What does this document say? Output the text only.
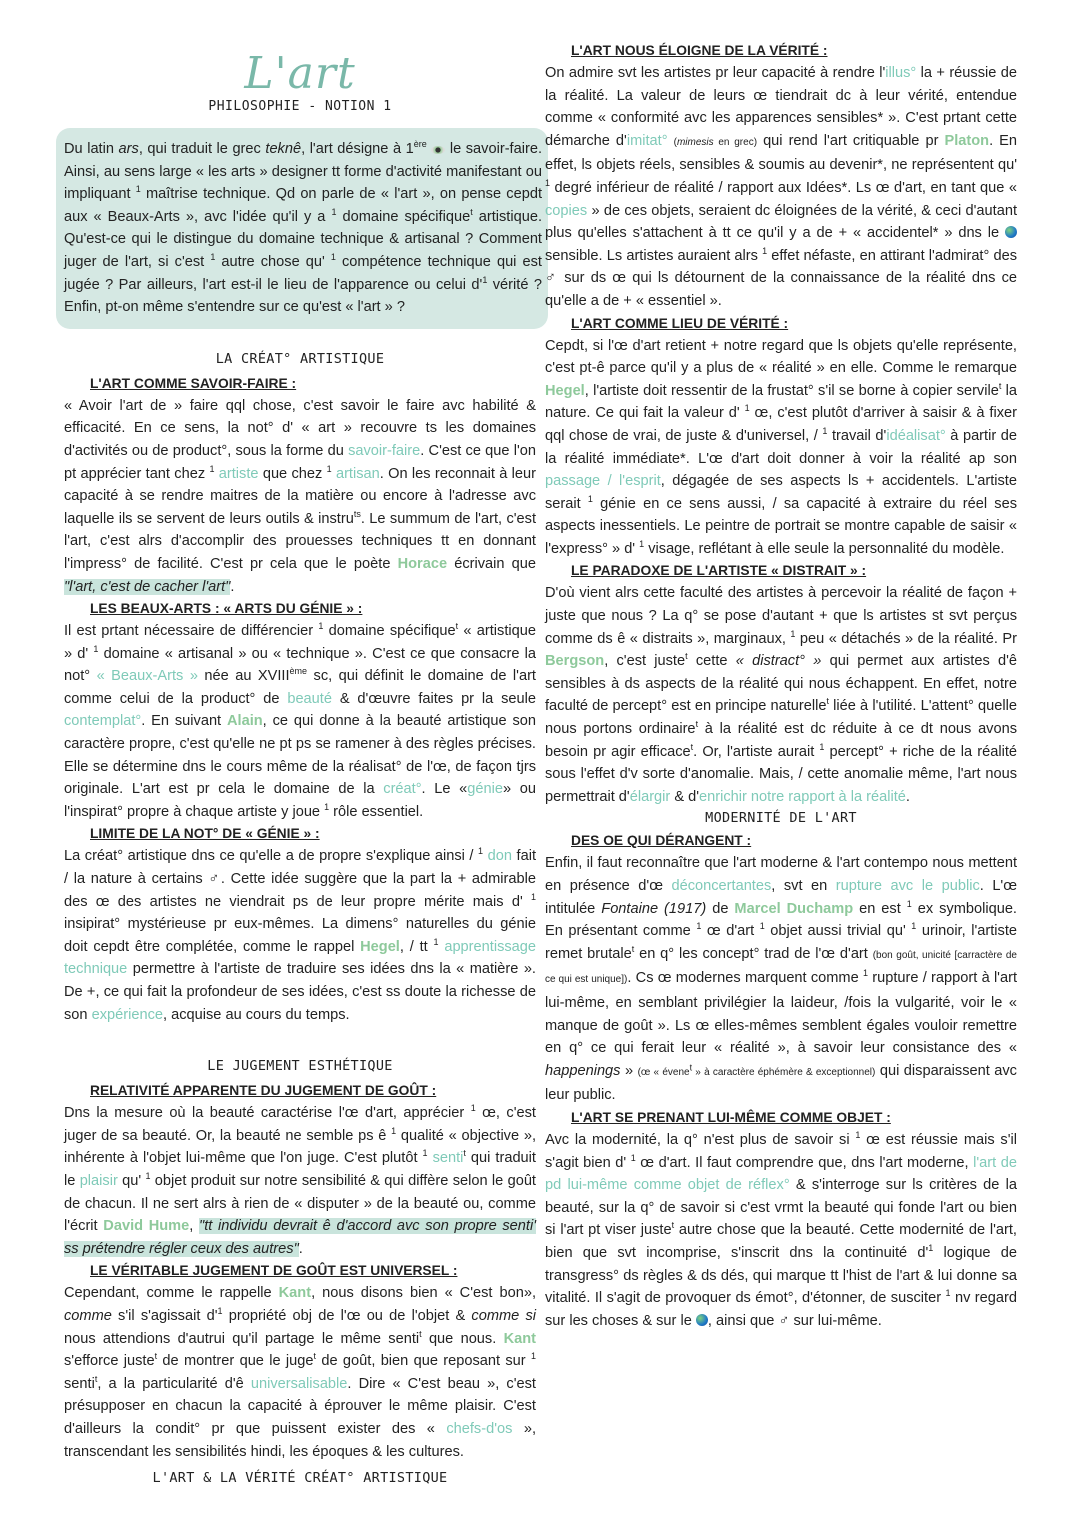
L'art
PHILOSOPHIE - NOTION 1

Du latin ars, qui traduit le grec teknê, l'art désigne à 1ère  le savoir-faire. Ainsi, au sens large « les arts » designer tt forme d'activité manifestant ou impliquant $^1$ maîtrise technique. Qd on parle de « l'art », on pense cepdt aux « Beaux-Arts », avc l'idée qu'il y a $^1$ domaine spécifique$^t$ artistique. Qu'est-ce qui le distingue du domaine technique & artisanal ? Comment juger de l'art, si c'est $^1$ autre chose qu' $^1$ compétence technique qui est jugée ? Par ailleurs, l'art est-il le lieu de l'apparence ou celui $d'^1$ vérité ? Enfin, pt-on même s'entendre sur ce qu'est « l'art » ?

LA CRÉAT° ARTISTIQUE
L'ART COMME SAVOIR-FAIRE :

« Avoir l'art de » faire qql chose, c'est savoir le faire avc habilité & efficacité. En ce sens, la not° d' « art » recouvre ts les domaines d'activités ou de product°, sous la forme du savoir-faire. C'est ce que l'on pt apprécier tant chez $^1$ artiste que chez $^1$ artisan. On les reconnait à leur capacité à se rendre maitres de la matière ou encore à l'adresse avc laquelle ils se servent de leurs outils & instru$^{ts}$. Le summum de l'art, c'est l'art, c'est alrs d'accomplir des prouesses techniques tt en donnant l'impress° de facilité. C'est pr cela que le poète Horace écrivain que "l'art, c'est de cacher l'art".

LES BEAUX-ARTS : « ARTS DU GÉNIE » :

Il est prtant nécessaire de différencier $^1$ domaine spécifique$^t$ « artistique » d' $^1$ domaine « artisanal » ou « technique ». C'est ce que consacre la not° « Beaux-Arts » née au XVIIIème sc, qui définit le domaine de l'art comme celui de la product° de beauté & d'œuvre faites pr la seule contemplat°. En suivant Alain, ce qui donne à la beauté artistique son caractère propre, c'est qu'elle ne pt ps se ramener à des règles précises. Elle se détermine dns le cours même de la réalisat° de l'œ, de façon tjrs originale. L'art est pr cela le domaine de la créat°. Le «génie» ou l'inspirat° propre à chaque artiste y joue $^1$ rôle essentiel.

LIMITE DE LA NOT° DE « GÉNIE » :

La créat° artistique dns ce qu'elle a de propre s'explique ainsi / $^1$ don fait / la nature à certains ♂. Cette idée suggère que la part la + admirable des œ des artistes ne viendrait ps de leur propre mérite mais d' $^1$ insipirat° mystérieuse pr eux-mêmes. La dimens° naturelles du génie doit cepdt être complétée, comme le rappel Hegel, / tt $^1$ apprentissage technique permettre à l'artiste de traduire ses idées dns la « matière ». De +, ce qui fait la profondeur de ses idées, c'est ss doute la richesse de son expérience, acquise au cours du temps.

LE JUGEMENT ESTHÉTIQUE
RELATIVITÉ APPARENTE DU JUGEMENT DE GOÛT :

Dns la mesure où la beauté caractérise l'œ d'art, apprécier $^1$ œ, c'est juger de sa beauté. Or, la beauté ne semble ps ê $^1$ qualité « objective », inhérente à l'objet lui-même que l'on juge. C'est plutôt $^1$ senti$^t$ qui traduit le plaisir qu' $^1$ objet produit sur notre sensibilité & qui diffère selon le goût de chacun. Il ne sert alrs à rien de « disputer » de la beauté ou, comme l'écrit David Hume, "tt individu devrait ê d'accord avc son propre senti' ss prétendre régler ceux des autres".

LE VÉRITABLE JUGEMENT DE GOÛT EST UNIVERSEL :

Cependant, comme le rappelle Kant, nous disons bien « C'est bon», comme s'il s'agissait $d'^1$ propriété obj de l'œ ou de l'objet & comme si nous attendions d'autrui qu'il partage le même senti$^t$ que nous. Kant s'efforce juste$^t$ de montrer que le juge$^t$ de goût, bien que reposant sur $^1$ senti$^t$, a la particularité d'ê universalisable. Dire « C'est beau », c'est présupposer en chacun la capacité à éprouver le même plaisir. C'est d'ailleurs la condit° pr que puissent exister des « chefs-d'os », transcendant les sensibilités hindi, les époques & les cultures.

L'ART & LA VÉRITÉ CRÉAT° ARTISTIQUE
L'ART NOUS ÉLOIGNE DE LA VÉRITÉ :

On admire svt les artistes pr leur capacité à rendre l'illus° la + réussie de la réalité. La valeur de leurs œ tiendrait dc à leur vérité, entendue comme « conformité avc les apparences sensibles* ». C'est prtant cette démarche d'imitat° (mimesis en grec) qui rend l'art critiquable pr Platon. En effet, ls objets réels, sensibles & soumis au devenir*, ne représentent qu' $^1$ degré inférieur de réalité / rapport aux Idées*. Ls œ d'art, en tant que « copies » de ces objets, seraient dc éloignées de la vérité, & ceci d'autant plus qu'elles s'attachent à tt ce qu'il y a de + « accidentel* » dns le  sensible. Ls artistes auraient alrs $^1$ effet néfaste, en attirant l'admirat° des ♂ sur ds œ qui ls détournent de la connaissance de la réalité dns ce qu'elle a de + « essentiel ».

L'ART COMME LIEU DE VÉRITÉ :

Cepdt, si l'œ d'art retient + notre regard que ls objets qu'elle représente, c'est pt-ê parce qu'il y a plus de « réalité » en elle. Comme le remarque Hegel, l'artiste doit ressentir de la frustat° s'il se borne à copier servile$^t$ la nature. Ce qui fait la valeur d' $^1$ œ, c'est plutôt d'arriver à saisir & à fixer qql chose de vrai, de juste & d'universel, / $^1$ travail d'idéalisat° à partir de la réalité immédiate*. L'œ d'art doit donner à voir la réalité ap son passage / l'esprit, dégagée de ses aspects ls + accidentels. L'artiste serait $^1$ génie en ce sens aussi, / sa capacité à extraire du réel ses aspects inessentiels. Le peintre de portrait se montre capable de saisir « l'express° » d' $^1$ visage, reflétant à elle seule la personnalité du modèle.

LE PARADOXE DE L'ARTISTE « DISTRAIT » :

D'où vient alrs cette faculté des artistes à percevoir la réalité de façon + juste que nous ? La q° se pose d'autant + que ls artistes st svt perçus comme ds ê « distraits », marginaux, $^1$ peu « détachés » de la réalité. Pr Bergson, c'est juste$^t$ cette « distract° » qui permet aux artistes d'ê sensibles à ds aspects de la réalité qui nous échappent. En effet, notre faculté de percept° est en principe naturelle$^t$ liée à l'utilité. L'attent° quelle nous portons ordinaire$^t$ à la réalité est dc réduite à ce dt nous avons besoin pr agir efficace$^t$. Or, l'artiste aurait $^1$ percept° + riche de la réalité sous l'effet d'v sorte d'anomalie. Mais, / cette anomalie même, l'art nous permettrait d'élargir & d'enrichir notre rapport à la réalité.

MODERNITÉ DE L'ART
DES OE QUI DÉRANGENT :

Enfin, il faut reconnaître que l'art moderne & l'art contempo nous mettent en présence d'œ déconcertantes, svt en rupture avc le public. L'œ intitulée Fontaine (1917) de Marcel Duchamp en est $^1$ ex symbolique. En présentant comme $^1$ œ d'art $^1$ objet aussi trivial qu' $^1$ urinoir, l'artiste remet brutale$^t$ en q° les concept° trad de l'œ d'art (bon goût, unicité [carractère de ce qui est unique]). Cs œ modernes marquent comme $^1$ rupture / rapport à l'art lui-même, en semblant privilégier la laideur, /fois la vulgarité, voir le « manque de goût ». Ls œ elles-mêmes semblent égales vouloir remettre en q° ce qui ferait leur « réalité », à savoir leur consistance des « happenings » (œ « évenet » à caractère éphémère & exceptionnel) qui disparaissent avc leur public.

L'ART SE PRENANT LUI-MÊME COMME OBJET :

Avc la modernité, la q° n'est plus de savoir si $^1$ œ est réussie mais s'il s'agit bien d' $^1$ œ d'art. Il faut comprendre que, dns l'art moderne, l'art de pd lui-même comme objet de réflex° & s'interroge sur ls critères de la beauté, sur la q° de savoir si c'est vrmt la beauté qui fonde l'art ou bien si l'art pt viser juste$^t$ autre chose que la beauté. Cette modernité de l'art, bien que svt incomprise, s'inscrit dns la continuité $d'^1$ logique de transgress° ds règles & ds dés, qui marque tt l'hist de l'art & lui donne sa vitalité. Il s'agit de provoquer ds émot°, d'étonner, de susciter $^1$ nv regard sur les choses & sur le , ainsi que ♂ sur lui-même.
